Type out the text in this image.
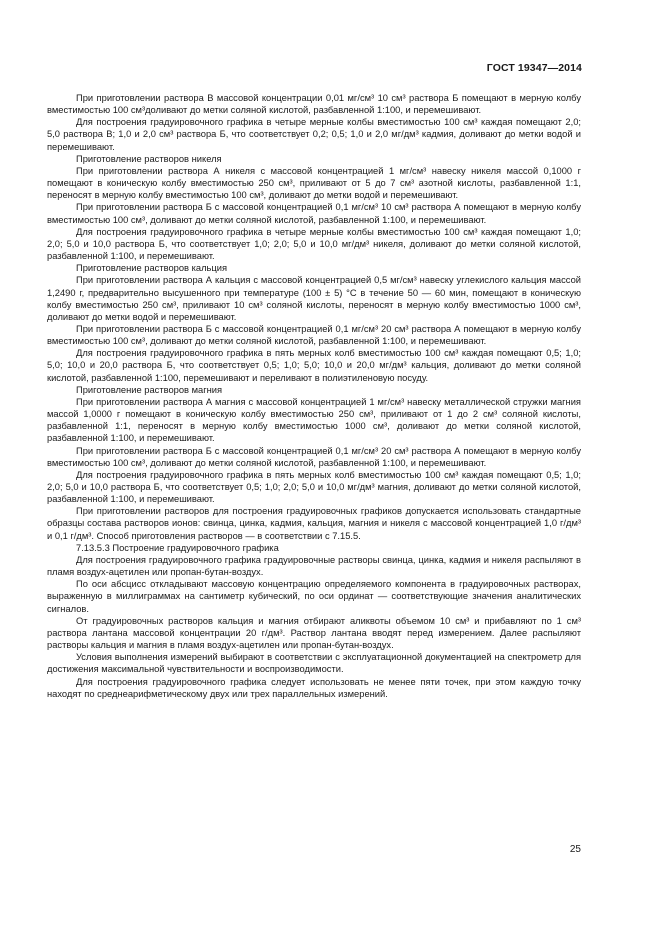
ГОСТ 19347—2014

При приготовлении раствора В массовой концентрации 0,01 мг/см³ 10 см³ раствора Б помещают в мерную колбу вместимостью 100 см³доливают до метки соляной кислотой, разбавленной 1:100, и перемешивают.

Для построения градуировочного графика в четыре мерные колбы вместимостью 100 см³ каждая помещают 2,0; 5,0 раствора В; 1,0 и 2,0 см³ раствора Б, что соответствует 0,2; 0,5; 1,0 и 2,0 мг/дм³ кадмия, доливают до метки водой и перемешивают.

Приготовление растворов никеля

При приготовлении раствора А никеля с массовой концентрацией 1 мг/см³ навеску никеля массой 0,1000 г помещают в коническую колбу вместимостью 250 см³, приливают от 5 до 7 см³ азотной кислоты, разбавленной 1:1, переносят в мерную колбу вместимостью 100 см³, доливают до метки водой и перемешивают.

При приготовлении раствора Б с массовой концентрацией 0,1 мг/см³ 10 см³ раствора А помещают в мерную колбу вместимостью 100 см³, доливают до метки соляной кислотой, разбавленной 1:100, и перемешивают.

Для построения градуировочного графика в четыре мерные колбы вместимостью 100 см³ каждая помещают 1,0; 2,0; 5,0 и 10,0 раствора Б, что соответствует 1,0; 2,0; 5,0 и 10,0 мг/дм³ никеля, доливают до метки соляной кислотой, разбавленной 1:100, и перемешивают.

Приготовление растворов кальция

При приготовлении раствора А кальция с массовой концентрацией 0,5 мг/см³ навеску углекислого кальция массой 1,2490 г, предварительно высушенного при температуре (100 ± 5) °С в течение 50 — 60 мин, помещают в коническую колбу вместимостью 250 см³, приливают 10 см³ соляной кислоты, переносят в мерную колбу вместимостью 1000 см³, доливают до метки водой и перемешивают.

При приготовлении раствора Б с массовой концентрацией 0,1 мг/см³ 20 см³ раствора А помещают в мерную колбу вместимостью 100 см³, доливают до метки соляной кислотой, разбавленной 1:100, и перемешивают.

Для построения градуировочного графика в пять мерных колб вместимостью 100 см³ каждая помещают 0,5; 1,0; 5,0; 10,0 и 20,0 раствора Б, что соответствует 0,5; 1,0; 5,0; 10,0 и 20,0 мг/дм³ кальция, доливают до метки соляной кислотой, разбавленной 1:100, перемешивают и переливают в полиэтиленовую посуду.

Приготовление растворов магния

При приготовлении раствора А магния с массовой концентрацией 1 мг/см³ навеску металлической стружки магния массой 1,0000 г помещают в коническую колбу вместимостью 250 см³, приливают от 1 до 2 см³ соляной кислоты, разбавленной 1:1, переносят в мерную колбу вместимостью 1000 см³, доливают до метки соляной кислотой, разбавленной 1:100, и перемешивают.

При приготовлении раствора Б с массовой концентрацией 0,1 мг/см³ 20 см³ раствора А помещают в мерную колбу вместимостью 100 см³, доливают до метки соляной кислотой, разбавленной 1:100, и перемешивают.

Для построения градуировочного графика в пять мерных колб вместимостью 100 см³ каждая помещают 0,5; 1,0; 2,0; 5,0 и 10,0 раствора Б, что соответствует 0,5; 1,0; 2,0; 5,0 и 10,0 мг/дм³ магния, доливают до метки соляной кислотой, разбавленной 1:100, и перемешивают.

При приготовлении растворов для построения градуировочных графиков допускается использовать стандартные образцы состава растворов ионов: свинца, цинка, кадмия, кальция, магния и никеля с массовой концентрацией 1,0 г/дм³ и 0,1 г/дм³. Способ приготовления растворов — в соответствии с 7.15.5.

7.13.5.3 Построение градуировочного графика

Для построения градуировочного графика градуировочные растворы свинца, цинка, кадмия и никеля распыляют в пламя воздух-ацетилен или пропан-бутан-воздух.

По оси абсцисс откладывают массовую концентрацию определяемого компонента в градуировочных растворах, выраженную в миллиграммах на сантиметр кубический, по оси ординат — соответствующие значения аналитических сигналов.

От градуировочных растворов кальция и магния отбирают аликвоты объемом 10 см³ и прибавляют по 1 см³ раствора лантана массовой концентрации 20 г/дм³. Раствор лантана вводят перед измерением. Далее распыляют растворы кальция и магния в пламя воздух-ацетилен или пропан-бутан-воздух.

Условия выполнения измерений выбирают в соответствии с эксплуатационной документацией на спектрометр для достижения максимальной чувствительности и воспроизводимости.

Для построения градуировочного графика следует использовать не менее пяти точек, при этом каждую точку находят по среднеарифметическому двух или трех параллельных измерений.

25
